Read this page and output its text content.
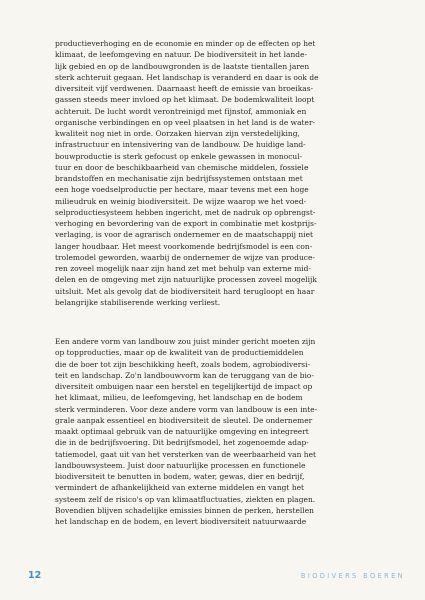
productieverhoging en de economie en minder op de effecten op het
klimaat, de leefomgeving en natuur. De biodiversiteit in het lande-
lijk gebied en op de landbouwgronden is de laatste tientallen jaren
sterk achteruit gegaan. Het landschap is veranderd en daar is ook de
diversiteit vijf verdwenen. Daarnaast heeft de emissie van broeikas-
gassen steeds meer invloed op het klimaat. De bodemkwaliteit loopt
achteruit. De lucht wordt verontreinigd met fijnstof, ammoniak en
organische verbindingen en op veel plaatsen in het land is de water-
kwaliteit nog niet in orde. Oorzaken hiervan zijn verstedelijking,
infrastructuur en intensivering van de landbouw. De huidige land-
bouwproductie is sterk gefocust op enkele gewassen in monocul-
tuur en door de beschikbaarheid van chemische middelen, fossiele
brandstoffen en mechanisatie zijn bedrijfssystemen ontstaan met
een hoge voedselproductie per hectare, maar tevens met een hoge
milieudruk en weinig biodiversiteit. De wijze waarop we het voed-
selproductiesysteem hebben ingericht, met de nadruk op opbrengst-
verhoging en bevordering van de export in combinatie met kostprijs-
verlaging, is voor de agrarisch ondernemer en de maatschappij niet
langer houdbaar. Het meest voorkomende bedrijfsmodel is een con-
trolemodel geworden, waarbij de ondernemer de wijze van produce-
ren zoveel mogelijk naar zijn hand zet met behulp van externe mid-
delen en de omgeving met zijn natuurlijke processen zoveel mogelijk
uitsluit. Met als gevolg dat de biodiversiteit hard terugloopt en haar
belangrijke stabiliserende werking verliest.
Een andere vorm van landbouw zou juist minder gericht moeten zijn
op topproducties, maar op de kwaliteit van de productiemiddelen
die de boer tot zijn beschikking heeft, zoals bodem, agrobiodiversi-
teit en landschap. Zo'n landbouwvorm kan de teruggang van de bio-
diversiteit ombuigen naar een herstel en tegelijkertijd de impact op
het klimaat, milieu, de leefomgeving, het landschap en de bodem
sterk verminderen. Voor deze andere vorm van landbouw is een inte-
grale aanpak essentieel en biodiversiteit de sleutel. De ondernemer
maakt optimaal gebruik van de natuurlijke omgeving en integreert
die in de bedrijfsvoering. Dit bedrijfsmodel, het zogenoemde adap-
tatiemodel, gaat uit van het versterken van de weerbaarheid van het
landbouwsysteem. Juist door natuurlijke processen en functionele
biodiversiteit te benutten in bodem, water, gewas, dier en bedrijf,
vermindert de afhankelijkheid van externe middelen en vangt het
systeem zelf de risico's op van klimaatfluctuaties, ziekten en plagen.
Bovendien blijven schadelijke emissies binnen de perken, herstellen
het landschap en de bodem, en levert biodiversiteit natuurwaarde
12	BIODIVERS BOEREN
